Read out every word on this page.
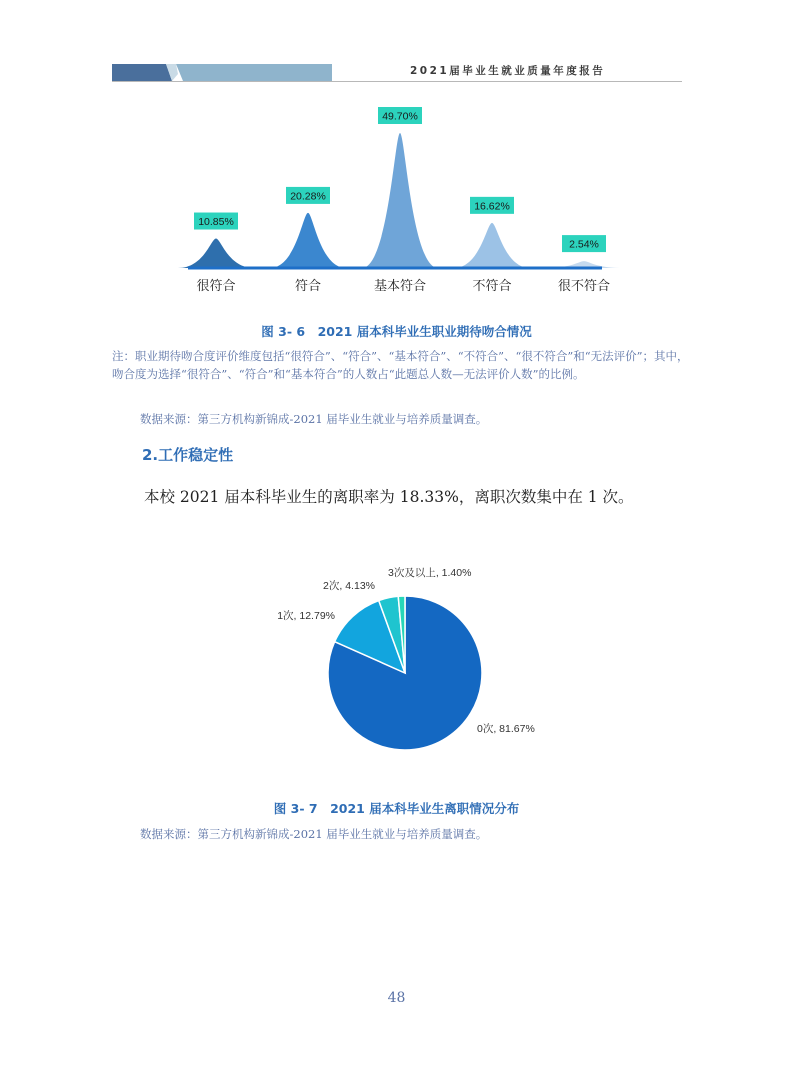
2021届毕业生就业质量年度报告
10.85%
很符合
20.28%
符合
49.70%
基本符合
16.62%
不符合
2.54%
很不符合
图 3- 6　2021 届本科毕业生职业期待吻合情况
注：职业期待吻合度评价维度包括“很符合”、“符合”、“基本符合”、“不符合”、“很不符合”和“无法评价”；其中，吻合度为选择“很符合”、“符合”和“基本符合”的人数占“此题总人数—无法评价人数”的比例。
数据来源：第三方机构新锦成-2021 届毕业生就业与培养质量调查。
2.工作稳定性
本校 2021 届本科毕业生的离职率为 18.33%，离职次数集中在 1 次。
0次, 81.67%
1次, 12.79%
2次, 4.13%
3次及以上, 1.40%
图 3- 7　2021 届本科毕业生离职情况分布
数据来源：第三方机构新锦成-2021 届毕业生就业与培养质量调查。
48
